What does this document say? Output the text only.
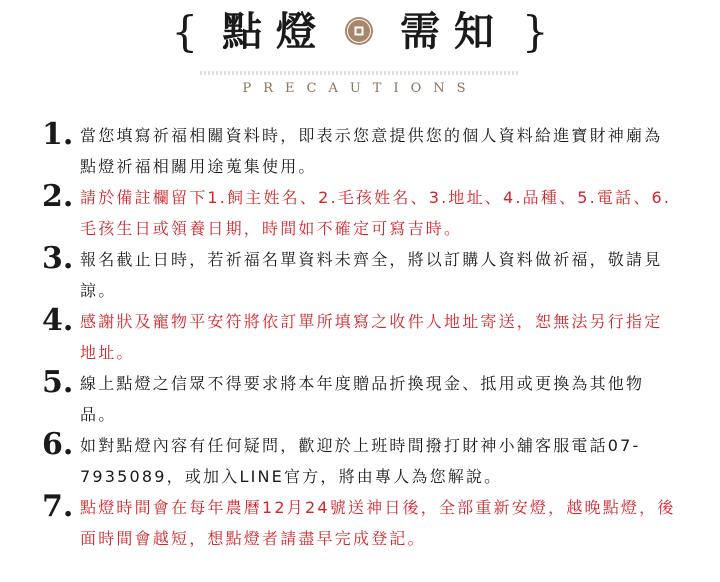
{ 點燈 需知 }
PRECAUTIONS
1. 當您填寫祈福相關資料時，即表示您意提供您的個人資料給進寶財神廟為點燈祈福相關用途蒐集使用。
2. 請於備註欄留下1.飼主姓名、2.毛孩姓名、3.地址、4.品種、5.電話、6.毛孩生日或領養日期，時間如不確定可寫吉時。
3. 報名截止日時，若祈福名單資料未齊全，將以訂購人資料做祈福，敬請見諒。
4. 感謝狀及寵物平安符將依訂單所填寫之收件人地址寄送，恕無法另行指定地址。
5. 線上點燈之信眾不得要求將本年度贈品折換現金、抵用或更換為其他物品。
6. 如對點燈內容有任何疑問，歡迎於上班時間撥打財神小舖客服電話07-7935089，或加入LINE官方，將由專人為您解說。
7. 點燈時間會在每年農曆12月24號送神日後，全部重新安燈，越晚點燈，後面時間會越短，想點燈者請盡早完成登記。
